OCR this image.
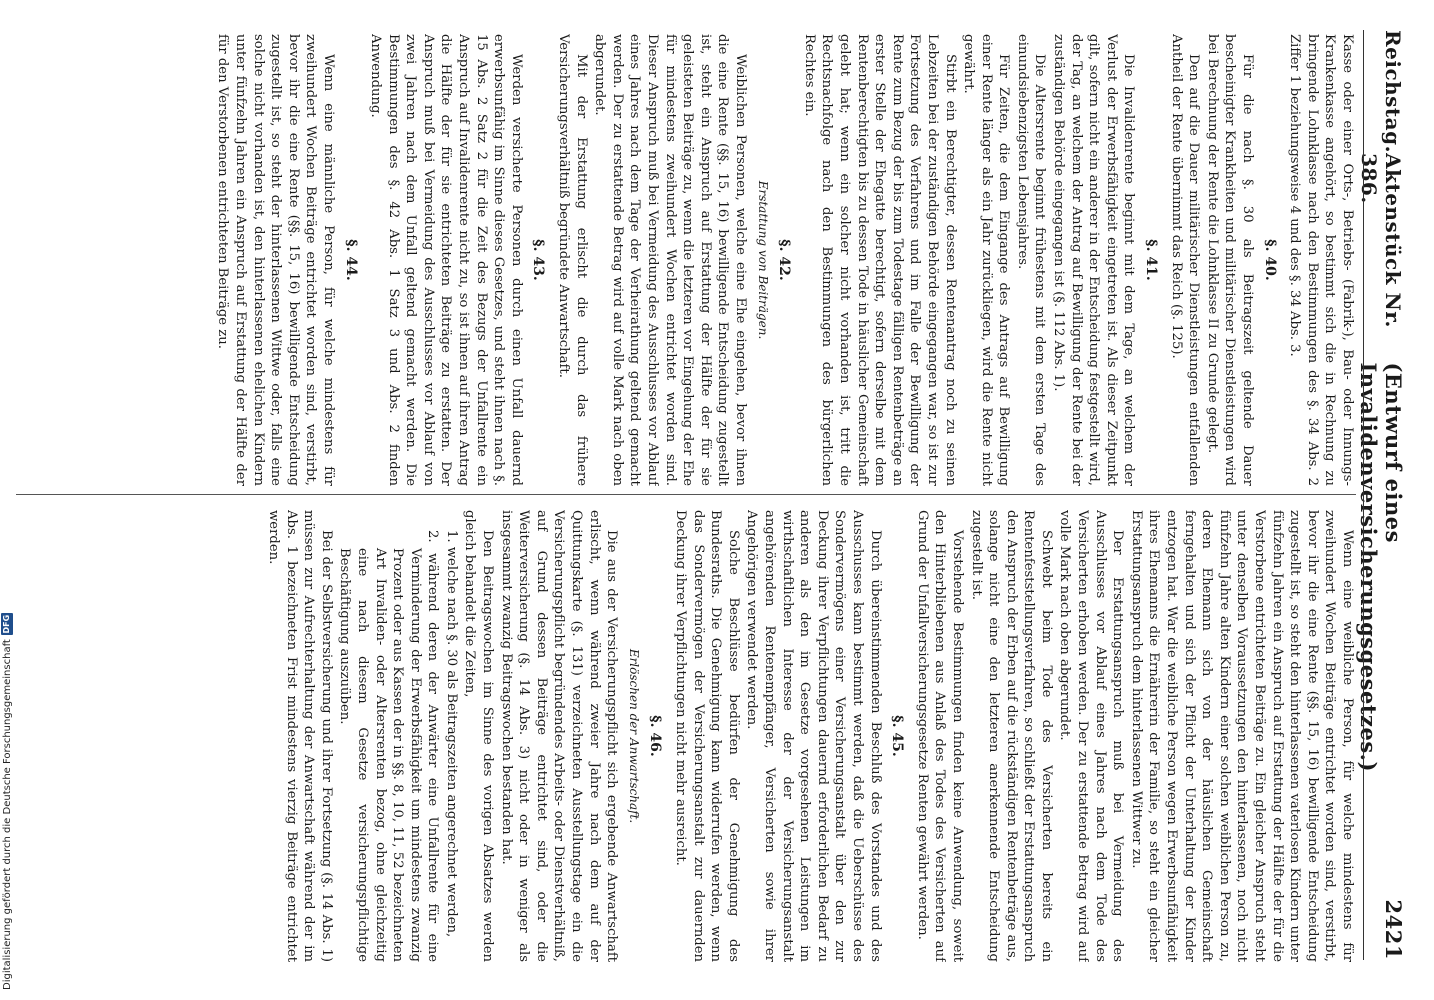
Digitalisierung gefördert durch die Deutsche Forschungsgemeinschaft
DFG
Reichstag.
Aktenstück Nr. 386.
(Entwurf eines Invalidenversicherungsgesetzes.)
2421

Kasse oder einer Orts-, Betriebs- (Fabrik-), Bau- oder Innungs-Krankenkasse angehört, so bestimmt sich die in Rechnung zu bringende Lohnklasse nach den Bestimmungen des §. 34 Abs. 2 Ziffer 1 beziehungsweise 4 und des §. 34 Abs. 3.

§. 40.

Für die nach §. 30 als Beitragszeit geltende Dauer bescheinigter Krankheiten und militärischer Dienstleistungen wird bei Berechnung der Rente die Lohnklasse II zu Grunde gelegt.

Den auf die Dauer militärischer Dienstleistungen entfallenden Antheil der Rente übernimmt das Reich (§. 125).

§. 41.

Die Invalidenrente beginnt mit dem Tage, an welchem der Verlust der Erwerbsfähigkeit eingetreten ist. Als dieser Zeitpunkt gilt, sofern nicht ein anderer in der Entscheidung festgestellt wird, der Tag, an welchem der Antrag auf Bewilligung der Rente bei der zuständigen Behörde eingegangen ist (§. 112 Abs. 1).

Die Altersrente beginnt frühestens mit dem ersten Tage des einundsiebenzigsten Lebensjahres.

Für Zeiten, die dem Eingange des Antrags auf Bewilligung einer Rente länger als ein Jahr zurückliegen, wird die Rente nicht gewährt.

Stirbt ein Berechtigter, dessen Rentenantrag noch zu seinen Lebzeiten bei der zuständigen Behörde eingegangen war, so ist zur Fortsetzung des Verfahrens und im Falle der Bewilligung der Rente zum Bezug der bis zum Todestage fälligen Rentenbeträge an erster Stelle der Ehegatte berechtigt, sofern derselbe mit dem Rentenberechtigten bis zu dessen Tode in häuslicher Gemeinschaft gelebt hat; wenn ein solcher nicht vorhanden ist, tritt die Rechtsnachfolge nach den Bestimmungen des bürgerlichen Rechtes ein.

§. 42.
Erstattung von Beiträgen.

Weiblichen Personen, welche eine Ehe eingehen, bevor ihnen die eine Rente (§§. 15, 16) bewilligende Entscheidung zugestellt ist, steht ein Anspruch auf Erstattung der Hälfte der für sie geleisteten Beiträge zu, wenn die letzteren vor Eingehung der Ehe für mindestens zweihundert Wochen entrichtet worden sind. Dieser Anspruch muß bei Vermeidung des Ausschlusses vor Ablauf eines Jahres nach dem Tage der Verheirathung geltend gemacht werden. Der zu erstattende Betrag wird auf volle Mark nach oben abgerundet.

Mit der Erstattung erlischt die durch das frühere Versicherungsverhältniß begründete Anwartschaft.

§. 43.

Werden versicherte Personen durch einen Unfall dauernd erwerbsunfähig im Sinne dieses Gesetzes, und steht ihnen nach §. 15 Abs. 2 Satz 2 für die Zeit des Bezugs der Unfallrente ein Anspruch auf Invalidenrente nicht zu, so ist ihnen auf ihren Antrag die Hälfte der für sie entrichteten Beiträge zu erstatten. Der Anspruch muß bei Vermeidung des Ausschlusses vor Ablauf von zwei Jahren nach dem Unfall geltend gemacht werden. Die Bestimmungen des §. 42 Abs. 1 Satz 3 und Abs. 2 finden Anwendung.

§. 44.

Wenn eine männliche Person, für welche mindestens für zweihundert Wochen Beiträge entrichtet worden sind, verstirbt, bevor ihr die eine Rente (§§. 15, 16) bewilligende Entscheidung zugestellt ist, so steht der hinterlassenen Wittwe oder, falls eine solche nicht vorhanden ist, den hinterlassenen ehelichen Kindern unter fünfzehn Jahren ein Anspruch auf Erstattung der Hälfte der für den Verstorbenen entrichteten Beiträge zu.

Wenn eine weibliche Person, für welche mindestens für zweihundert Wochen Beiträge entrichtet worden sind, verstirbt, bevor ihr die eine Rente (§§. 15, 16) bewilligende Entscheidung zugestellt ist, so steht den hinterlassenen vaterlosen Kindern unter fünfzehn Jahren ein Anspruch auf Erstattung der Hälfte der für die Verstorbene entrichteten Beiträge zu. Ein gleicher Anspruch steht unter denselben Voraussetzungen den hinterlassenen, noch nicht fünfzehn Jahre alten Kindern einer solchen weiblichen Person zu, deren Ehemann sich von der häuslichen Gemeinschaft ferngehalten und sich der Pflicht der Unterhaltung der Kinder entzogen hat. War die weibliche Person wegen Erwerbsunfähigkeit ihres Ehemanns die Ernährerin der Familie, so steht ein gleicher Erstattungsanspruch dem hinterlassenen Wittwer zu.

Der Erstattungsanspruch muß bei Vermeidung des Ausschlusses vor Ablauf eines Jahres nach dem Tode des Versicherten erhoben werden. Der zu erstattende Betrag wird auf volle Mark nach oben abgerundet.

Schwebt beim Tode des Versicherten bereits ein Rentenfeststellungsverfahren, so schließt der Erstattungsanspruch den Anspruch der Erben auf die rückständigen Rentenbeträge aus, solange nicht eine den letzteren anerkennende Entscheidung zugestellt ist.

Vorstehende Bestimmungen finden keine Anwendung, soweit den Hinterbliebenen aus Anlaß des Todes des Versicherten auf Grund der Unfallversicherungsgesetze Renten gewährt werden.

§. 45.

Durch übereinstimmenden Beschluß des Vorstandes und des Ausschusses kann bestimmt werden, daß die Ueberschüsse des Sondervermögens einer Versicherungsanstalt über den zur Deckung ihrer Verpflichtungen dauernd erforderlichen Bedarf zu anderen als den im Gesetze vorgesehenen Leistungen im wirthschaftlichen Interesse der der Versicherungsanstalt angehörenden Rentenempfänger, Versicherten sowie ihrer Angehörigen verwendet werden.

Solche Beschlüsse bedürfen der Genehmigung des Bundesraths. Die Genehmigung kann widerrufen werden, wenn das Sondervermögen der Versicherungsanstalt zur dauernden Deckung ihrer Verpflichtungen nicht mehr ausreicht.

§. 46.
Erlöschen der Anwartschaft.

Die aus der Versicherungspflicht sich ergebende Anwartschaft erlischt, wenn während zweier Jahre nach dem auf der Quittungskarte (§. 131) verzeichneten Ausstellungstage ein die Versicherungspflicht begründendes Arbeits- oder Dienstverhältniß, auf Grund dessen Beiträge entrichtet sind, oder die Weiterversicherung (§. 14 Abs. 3) nicht oder in weniger als insgesammt zwanzig Beitragswochen bestanden hat.

Den Beitragswochen im Sinne des vorigen Absatzes werden gleich behandelt die Zeiten,

1. welche nach §. 30 als Beitragszeiten angerechnet werden,

2. während deren der Anwärter eine Unfallrente für eine Verminderung der Erwerbsfähigkeit um mindestens zwanzig Prozent oder aus Kassen der in §§. 8, 10, 11, 52 bezeichneten Art Invaliden- oder Altersrenten bezog, ohne gleichzeitig eine nach diesem Gesetze versicherungspflichtige Beschäftigung auszuüben.

Bei der Selbstversicherung und ihrer Fortsetzung (§. 14 Abs. 1) müssen zur Aufrechterhaltung der Anwartschaft während der im Abs. 1 bezeichneten Frist mindestens vierzig Beiträge entrichtet werden.
